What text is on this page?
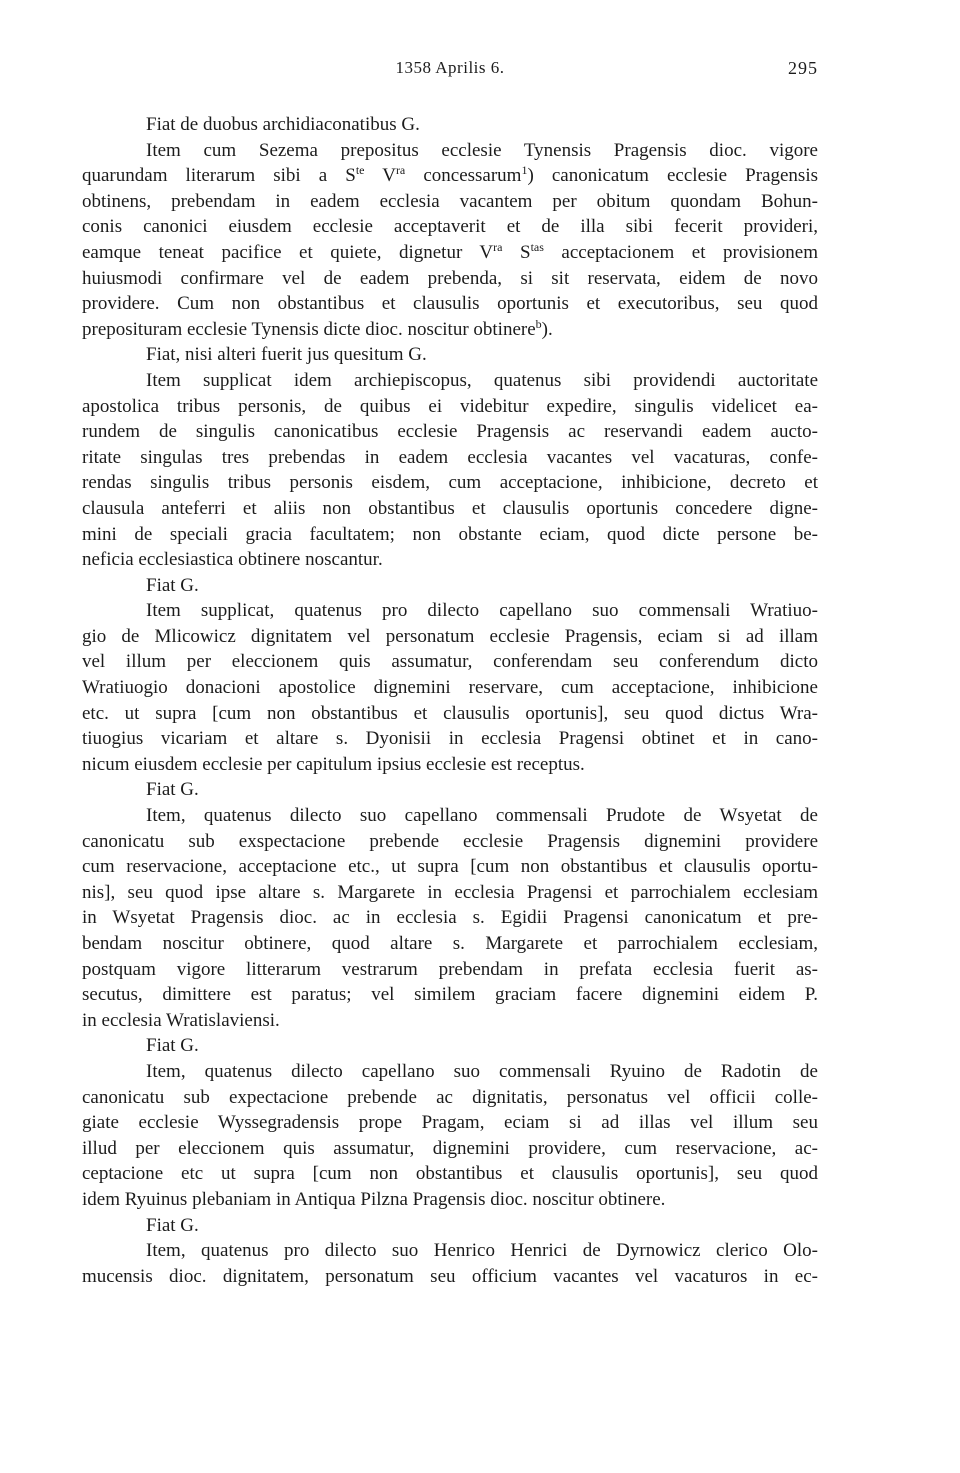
1358 Aprilis 6.	295
Fiat de duobus archidiaconatibus G.
Item cum Sezema prepositus ecclesie Tynensis Pragensis dioc. vigore
quarundam literarum sibi a $S^{te}$ $V^{ra}$ concessarum$^1$) canonicatum ecclesie Pragensis
obtinens, prebendam in eadem ecclesia vacantem per obitum quondam Bohun-
conis canonici eiusdem ecclesie acceptaverit et de illa sibi fecerit provideri,
eamque teneat pacifice et quiete, dignetur $V^{ra}$ $S^{tas}$ acceptacionem et provisionem
huiusmodi confirmare vel de eadem prebenda, si sit reservata, eidem de novo
providere. Cum non obstantibus et clausulis oportunis et executoribus, seu quod
preposituram ecclesie Tynensis dicte dioc. noscitur obtinere$^b$).
Fiat, nisi alteri fuerit jus quesitum G.
Item supplicat idem archiepiscopus, quatenus sibi providendi auctoritate
apostolica tribus personis, de quibus ei videbitur expedire, singulis videlicet ea-
rundem de singulis canonicatibus ecclesie Pragensis ac reservandi eadem aucto-
ritate singulas tres prebendas in eadem ecclesia vacantes vel vacaturas, confe-
rendas singulis tribus personis eisdem, cum acceptacione, inhibicione, decreto et
clausula anteferri et aliis non obstantibus et clausulis oportunis concedere digne-
mini de speciali gracia facultatem; non obstante eciam, quod dicte persone be-
neficia ecclesiastica obtinere noscantur.
Fiat G.
Item supplicat, quatenus pro dilecto capellano suo commensali Wratiuo-
gio de Mlicowicz dignitatem vel personatum ecclesie Pragensis, eciam si ad illam
vel illum per eleccionem quis assumatur, conferendam seu conferendum dicto
Wratiuogio donacioni apostolice dignemini reservare, cum acceptacione, inhibicione
etc. ut supra [cum non obstantibus et clausulis oportunis], seu quod dictus Wra-
tiuogius vicariam et altare s. Dyonisii in ecclesia Pragensi obtinet et in cano-
nicum eiusdem ecclesie per capitulum ipsius ecclesie est receptus.
Fiat G.
Item, quatenus dilecto suo capellano commensali Prudote de Wsyetat de
canonicatu sub exspectacione prebende ecclesie Pragensis dignemini providere
cum reservacione, acceptacione etc., ut supra [cum non obstantibus et clausulis oportu-
nis], seu quod ipse altare s. Margarete in ecclesia Pragensi et parrochialem ecclesiam
in Wsyetat Pragensis dioc. ac in ecclesia s. Egidii Pragensi canonicatum et pre-
bendam noscitur obtinere, quod altare s. Margarete et parrochialem ecclesiam,
postquam vigore litterarum vestrarum prebendam in prefata ecclesia fuerit as-
secutus, dimittere est paratus; vel similem graciam facere dignemini eidem P.
in ecclesia Wratislaviensi.
Fiat G.
Item, quatenus dilecto capellano suo commensali Ryuino de Radotin de
canonicatu sub expectacione prebende ac dignitatis, personatus vel officii colle-
giate ecclesie Wyssegradensis prope Pragam, eciam si ad illas vel illum seu
illud per eleccionem quis assumatur, dignemini providere, cum reservacione, ac-
ceptacione etc ut supra [cum non obstantibus et clausulis oportunis], seu quod
idem Ryuinus plebaniam in Antiqua Pilzna Pragensis dioc. noscitur obtinere.
Fiat G.
Item, quatenus pro dilecto suo Henrico Henrici de Dyrnowicz clerico Olo-
mucensis dioc. dignitatem, personatum seu officium vacantes vel vacaturos in ec-
